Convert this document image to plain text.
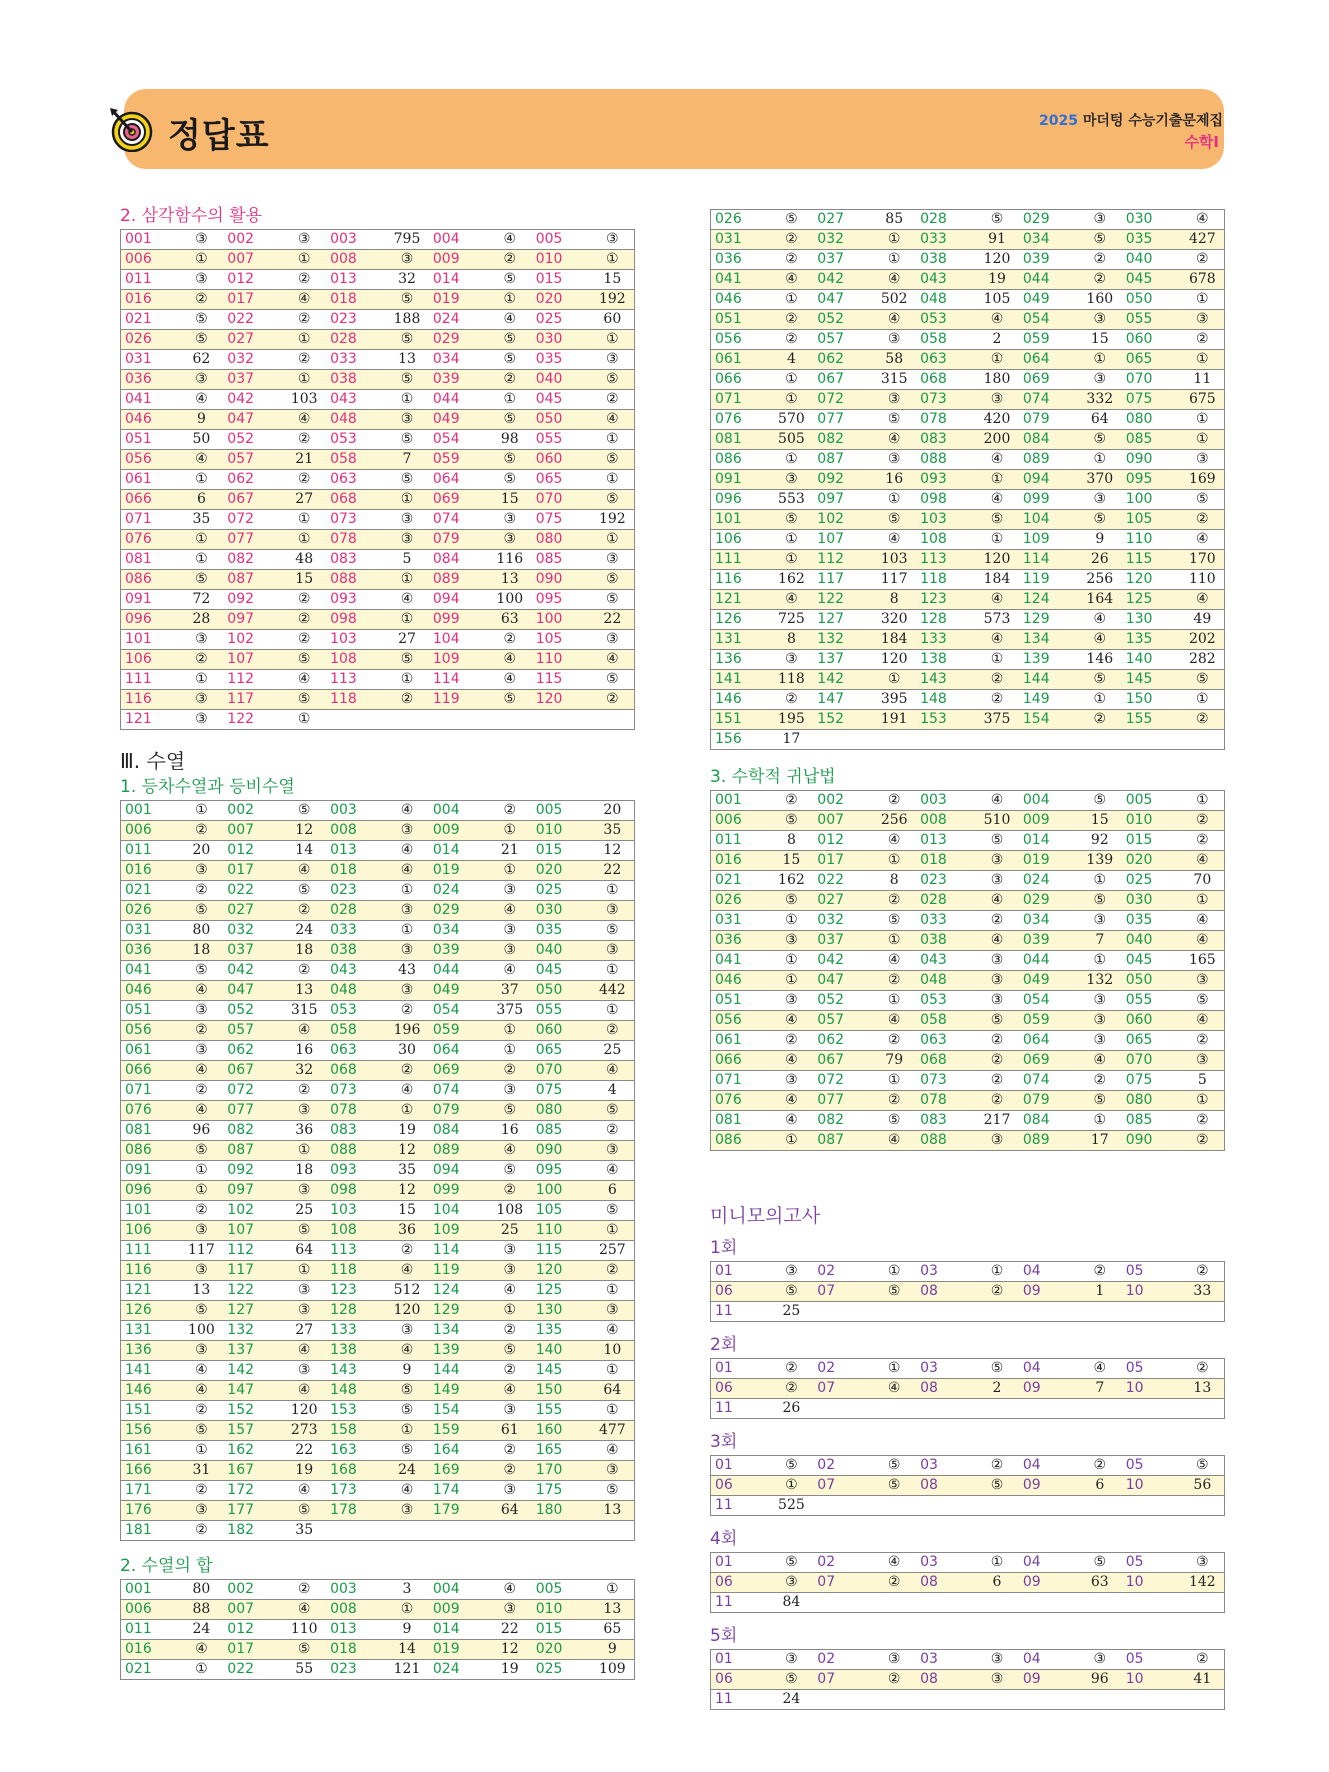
정답표	2025 마더텅 수능기출문제집
수학Ⅰ
2. 삼각함수의 활용
001	③	002	③	003	795	004	④	005	③
006	①	007	①	008	③	009	②	010	①
011	③	012	②	013	32	014	⑤	015	15
016	②	017	④	018	⑤	019	①	020	192
021	⑤	022	②	023	188	024	④	025	60
026	⑤	027	①	028	⑤	029	⑤	030	①
031	62	032	②	033	13	034	⑤	035	③
036	③	037	①	038	⑤	039	②	040	⑤
041	④	042	103	043	①	044	①	045	②
046	9	047	④	048	③	049	⑤	050	④
051	50	052	②	053	⑤	054	98	055	①
056	④	057	21	058	7	059	⑤	060	⑤
061	①	062	②	063	⑤	064	⑤	065	①
066	6	067	27	068	①	069	15	070	⑤
071	35	072	①	073	③	074	③	075	192
076	①	077	①	078	③	079	③	080	①
081	①	082	48	083	5	084	116	085	③
086	⑤	087	15	088	①	089	13	090	⑤
091	72	092	②	093	④	094	100	095	⑤
096	28	097	②	098	①	099	63	100	22
101	③	102	②	103	27	104	②	105	③
106	②	107	⑤	108	⑤	109	④	110	④
111	①	112	④	113	①	114	④	115	⑤
116	③	117	⑤	118	②	119	⑤	120	②
121	③	122	①						
Ⅲ. 수열
1. 등차수열과 등비수열
001	①	002	⑤	003	④	004	②	005	20
006	②	007	12	008	③	009	①	010	35
011	20	012	14	013	④	014	21	015	12
016	③	017	④	018	④	019	①	020	22
021	②	022	⑤	023	①	024	③	025	①
026	⑤	027	②	028	③	029	④	030	③
031	80	032	24	033	①	034	③	035	⑤
036	18	037	18	038	③	039	③	040	③
041	⑤	042	②	043	43	044	④	045	①
046	④	047	13	048	③	049	37	050	442
051	③	052	315	053	②	054	375	055	①
056	②	057	④	058	196	059	①	060	②
061	③	062	16	063	30	064	①	065	25
066	④	067	32	068	②	069	②	070	④
071	②	072	②	073	④	074	③	075	4
076	④	077	③	078	①	079	⑤	080	⑤
081	96	082	36	083	19	084	16	085	②
086	⑤	087	①	088	12	089	④	090	③
091	①	092	18	093	35	094	⑤	095	④
096	①	097	③	098	12	099	②	100	6
101	②	102	25	103	15	104	108	105	⑤
106	③	107	⑤	108	36	109	25	110	①
111	117	112	64	113	②	114	③	115	257
116	③	117	①	118	④	119	③	120	②
121	13	122	③	123	512	124	④	125	①
126	⑤	127	③	128	120	129	①	130	③
131	100	132	27	133	③	134	②	135	④
136	③	137	④	138	④	139	⑤	140	10
141	④	142	③	143	9	144	②	145	①
146	④	147	④	148	⑤	149	④	150	64
151	②	152	120	153	⑤	154	③	155	①
156	⑤	157	273	158	①	159	61	160	477
161	①	162	22	163	⑤	164	②	165	④
166	31	167	19	168	24	169	②	170	③
171	②	172	④	173	④	174	③	175	⑤
176	③	177	⑤	178	③	179	64	180	13
181	②	182	35						
2. 수열의 합
001	80	002	②	003	3	004	④	005	①
006	88	007	④	008	①	009	③	010	13
011	24	012	110	013	9	014	22	015	65
016	④	017	⑤	018	14	019	12	020	9
021	①	022	55	023	121	024	19	025	109
026	⑤	027	85	028	⑤	029	③	030	④
031	②	032	①	033	91	034	⑤	035	427
036	②	037	①	038	120	039	②	040	②
041	④	042	④	043	19	044	②	045	678
046	①	047	502	048	105	049	160	050	①
051	②	052	④	053	④	054	③	055	③
056	②	057	③	058	2	059	15	060	②
061	4	062	58	063	①	064	①	065	①
066	①	067	315	068	180	069	③	070	11
071	①	072	③	073	③	074	332	075	675
076	570	077	⑤	078	420	079	64	080	①
081	505	082	④	083	200	084	⑤	085	①
086	①	087	③	088	④	089	①	090	③
091	③	092	16	093	①	094	370	095	169
096	553	097	①	098	④	099	③	100	⑤
101	⑤	102	⑤	103	⑤	104	⑤	105	②
106	①	107	④	108	①	109	9	110	④
111	①	112	103	113	120	114	26	115	170
116	162	117	117	118	184	119	256	120	110
121	④	122	8	123	④	124	164	125	④
126	725	127	320	128	573	129	④	130	49
131	8	132	184	133	④	134	④	135	202
136	③	137	120	138	①	139	146	140	282
141	118	142	①	143	②	144	⑤	145	⑤
146	②	147	395	148	②	149	①	150	①
151	195	152	191	153	375	154	②	155	②
156	17								
3. 수학적 귀납법
001	②	002	②	003	④	004	⑤	005	①
006	⑤	007	256	008	510	009	15	010	②
011	8	012	④	013	⑤	014	92	015	②
016	15	017	①	018	③	019	139	020	④
021	162	022	8	023	③	024	①	025	70
026	⑤	027	②	028	④	029	⑤	030	①
031	①	032	⑤	033	②	034	③	035	④
036	③	037	①	038	④	039	7	040	④
041	①	042	④	043	③	044	①	045	165
046	①	047	②	048	③	049	132	050	③
051	③	052	①	053	③	054	③	055	⑤
056	④	057	④	058	⑤	059	③	060	④
061	②	062	②	063	②	064	③	065	②
066	④	067	79	068	②	069	④	070	③
071	③	072	①	073	②	074	②	075	5
076	④	077	②	078	②	079	⑤	080	①
081	④	082	⑤	083	217	084	①	085	②
086	①	087	④	088	③	089	17	090	②
미니모의고사
1회
01	③	02	①	03	①	04	②	05	②
06	⑤	07	⑤	08	②	09	1	10	33
11	25								
2회
01	②	02	①	03	⑤	04	④	05	②
06	②	07	④	08	2	09	7	10	13
11	26								
3회
01	⑤	02	⑤	03	②	04	②	05	⑤
06	①	07	⑤	08	⑤	09	6	10	56
11	525								
4회
01	⑤	02	④	03	①	04	⑤	05	③
06	③	07	②	08	6	09	63	10	142
11	84								
5회
01	③	02	③	03	③	04	③	05	②
06	⑤	07	②	08	③	09	96	10	41
11	24								
